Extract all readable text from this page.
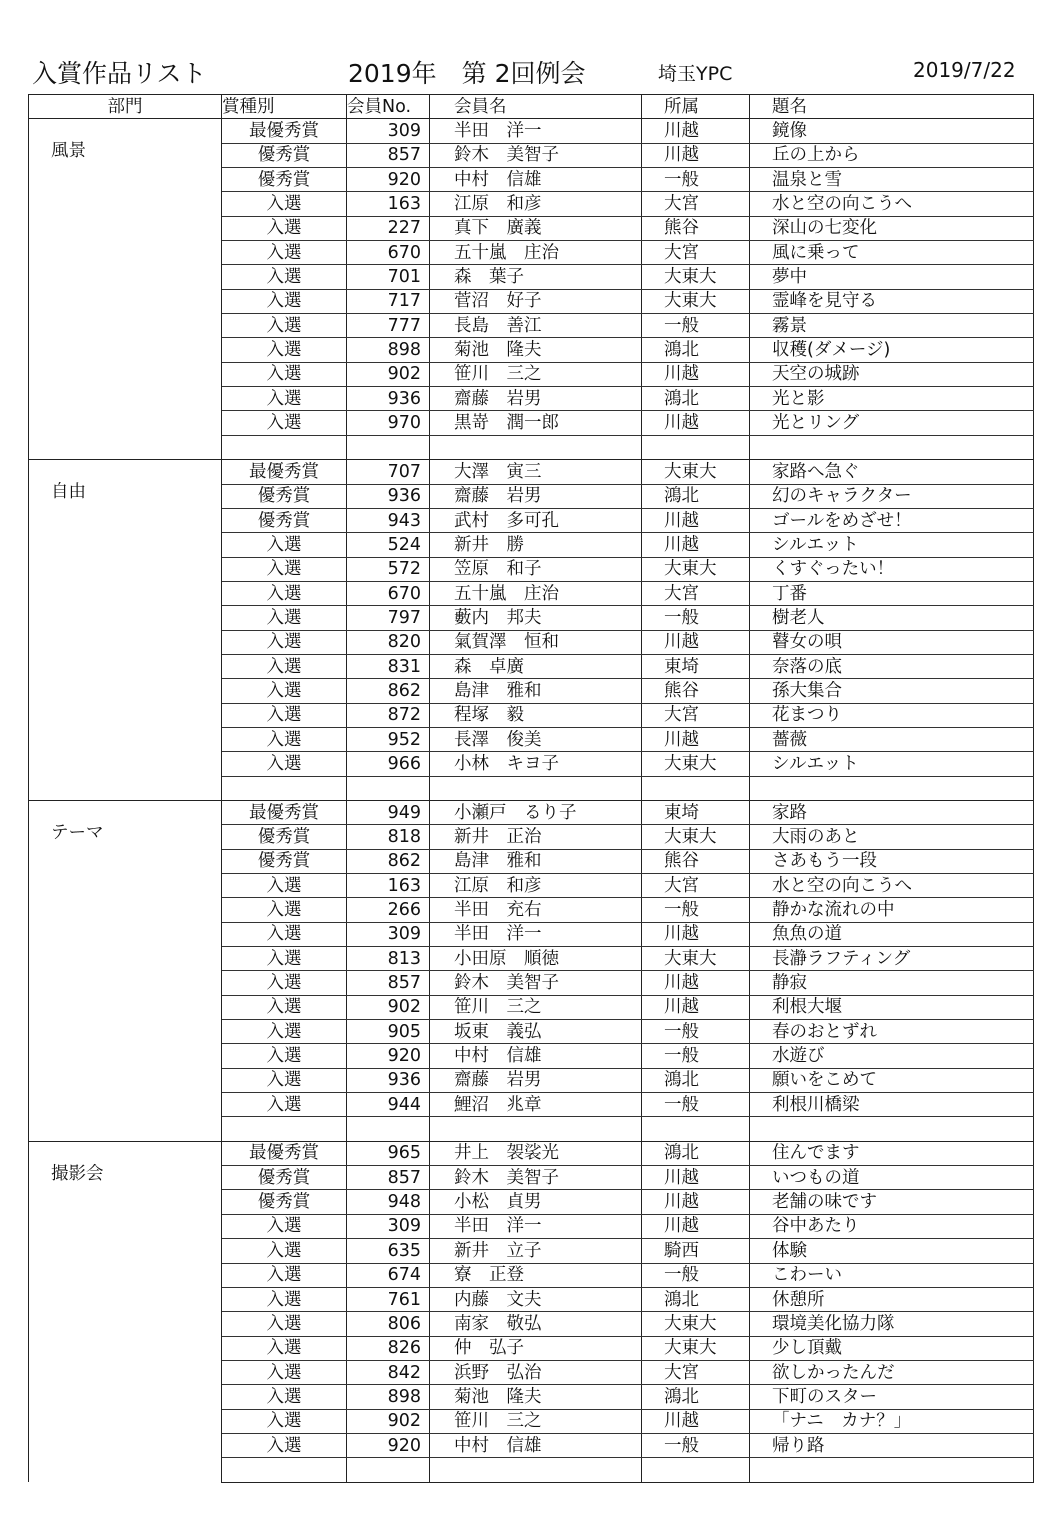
入賞作品リスト	2019年　第 2回例会	埼玉YPC	2019/7/22
部門	賞種別	会員No.	会員名	所属	題名
風景	最優秀賞	309	半田　洋一	川越	鏡像
	優秀賞	857	鈴木　美智子	川越	丘の上から
	優秀賞	920	中村　信雄	一般	温泉と雪
	入選	163	江原　和彦	大宮	水と空の向こうへ
	入選	227	真下　廣義	熊谷	深山の七変化
	入選	670	五十嵐　庄治	大宮	風に乗って
	入選	701	森　葉子	大東大	夢中
	入選	717	菅沼　好子	大東大	霊峰を見守る
	入選	777	長島　善江	一般	霧景
	入選	898	菊池　隆夫	鴻北	収穫(ダメージ)
	入選	902	笹川　三之	川越	天空の城跡
	入選	936	齋藤　岩男	鴻北	光と影
	入選	970	黒嵜　潤一郎	川越	光とリング

自由	最優秀賞	707	大澤　寅三	大東大	家路へ急ぐ
	優秀賞	936	齋藤　岩男	鴻北	幻のキャラクター
	優秀賞	943	武村　多可孔	川越	ゴールをめざせ！
	入選	524	新井　勝	川越	シルエット
	入選	572	笠原　和子	大東大	くすぐったい！
	入選	670	五十嵐　庄治	大宮	丁番
	入選	797	藪内　邦夫	一般	樹老人
	入選	820	氣賀澤　恒和	川越	瞽女の唄
	入選	831	森　卓廣	東埼	奈落の底
	入選	862	島津　雅和	熊谷	孫大集合
	入選	872	程塚　毅	大宮	花まつり
	入選	952	長澤　俊美	川越	薔薇
	入選	966	小林　キヨ子	大東大	シルエット

テーマ	最優秀賞	949	小瀬戸　るり子	東埼	家路
	優秀賞	818	新井　正治	大東大	大雨のあと
	優秀賞	862	島津　雅和	熊谷	さあもう一段
	入選	163	江原　和彦	大宮	水と空の向こうへ
	入選	266	半田　充右	一般	静かな流れの中
	入選	309	半田　洋一	川越	魚魚の道
	入選	813	小田原　順徳	大東大	長瀞ラフティング
	入選	857	鈴木　美智子	川越	静寂
	入選	902	笹川　三之	川越	利根大堰
	入選	905	坂東　義弘	一般	春のおとずれ
	入選	920	中村　信雄	一般	水遊び
	入選	936	齋藤　岩男	鴻北	願いをこめて
	入選	944	鯉沼　兆章	一般	利根川橋梁

撮影会	最優秀賞	965	井上　袈裟光	鴻北	住んでます
	優秀賞	857	鈴木　美智子	川越	いつもの道
	優秀賞	948	小松　貞男	川越	老舗の味です
	入選	309	半田　洋一	川越	谷中あたり
	入選	635	新井　立子	騎西	体験
	入選	674	寮　正登	一般	こわーい
	入選	761	内藤　文夫	鴻北	休憩所
	入選	806	南家　敬弘	大東大	環境美化協力隊
	入選	826	仲　弘子	大東大	少し頂戴
	入選	842	浜野　弘治	大宮	欲しかったんだ
	入選	898	菊池　隆夫	鴻北	下町のスター
	入選	902	笹川　三之	川越	「ナニ　カナ？」
	入選	920	中村　信雄	一般	帰り路
